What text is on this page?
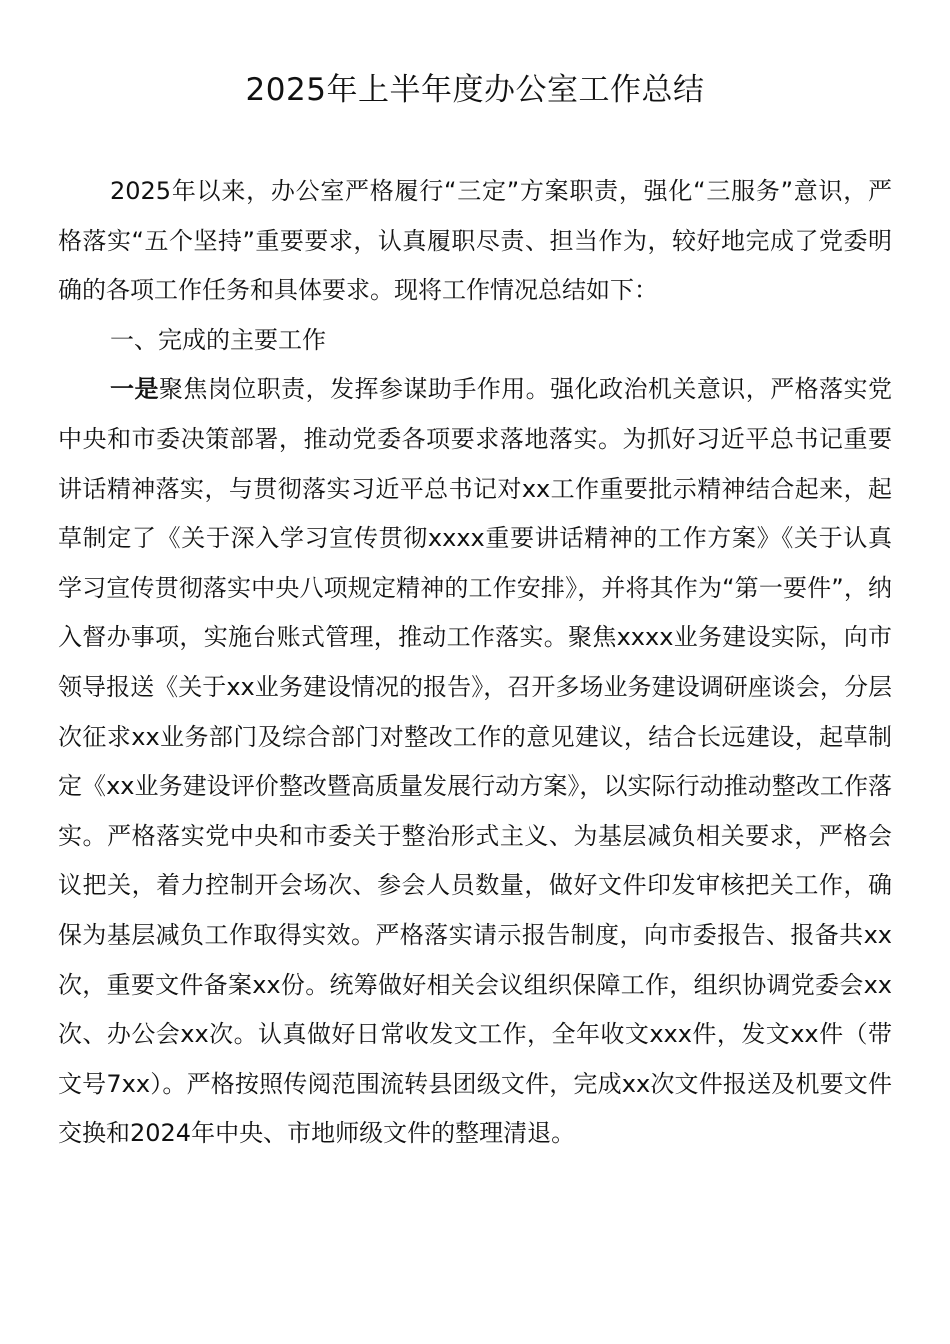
2025年上半年度办公室工作总结

2025年以来，办公室严格履行“三定”方案职责，强化“三服务”意识，严格落实“五个坚持”重要要求，认真履职尽责、担当作为，较好地完成了党委明确的各项工作任务和具体要求。现将工作情况总结如下：

一、完成的主要工作

一是聚焦岗位职责，发挥参谋助手作用。强化政治机关意识，严格落实党中央和市委决策部署，推动党委各项要求落地落实。为抓好习近平总书记重要讲话精神落实，与贯彻落实习近平总书记对xx工作重要批示精神结合起来，起草制定了《关于深入学习宣传贯彻xxxx重要讲话精神的工作方案》《关于认真学习宣传贯彻落实中央八项规定精神的工作安排》，并将其作为“第一要件”，纳入督办事项，实施台账式管理，推动工作落实。聚焦xxxx业务建设实际，向市领导报送《关于xx业务建设情况的报告》，召开多场业务建设调研座谈会，分层次征求xx业务部门及综合部门对整改工作的意见建议，结合长远建设，起草制定《xx业务建设评价整改暨高质量发展行动方案》，以实际行动推动整改工作落实。严格落实党中央和市委关于整治形式主义、为基层减负相关要求，严格会议把关，着力控制开会场次、参会人员数量，做好文件印发审核把关工作，确保为基层减负工作取得实效。严格落实请示报告制度，向市委报告、报备共xx次，重要文件备案xx份。统筹做好相关会议组织保障工作，组织协调党委会xx次、办公会xx次。认真做好日常收发文工作，全年收文xxx件，发文xx件（带文号7xx）。严格按照传阅范围流转县团级文件，完成xx次文件报送及机要文件交换和2024年中央、市地师级文件的整理清退。
